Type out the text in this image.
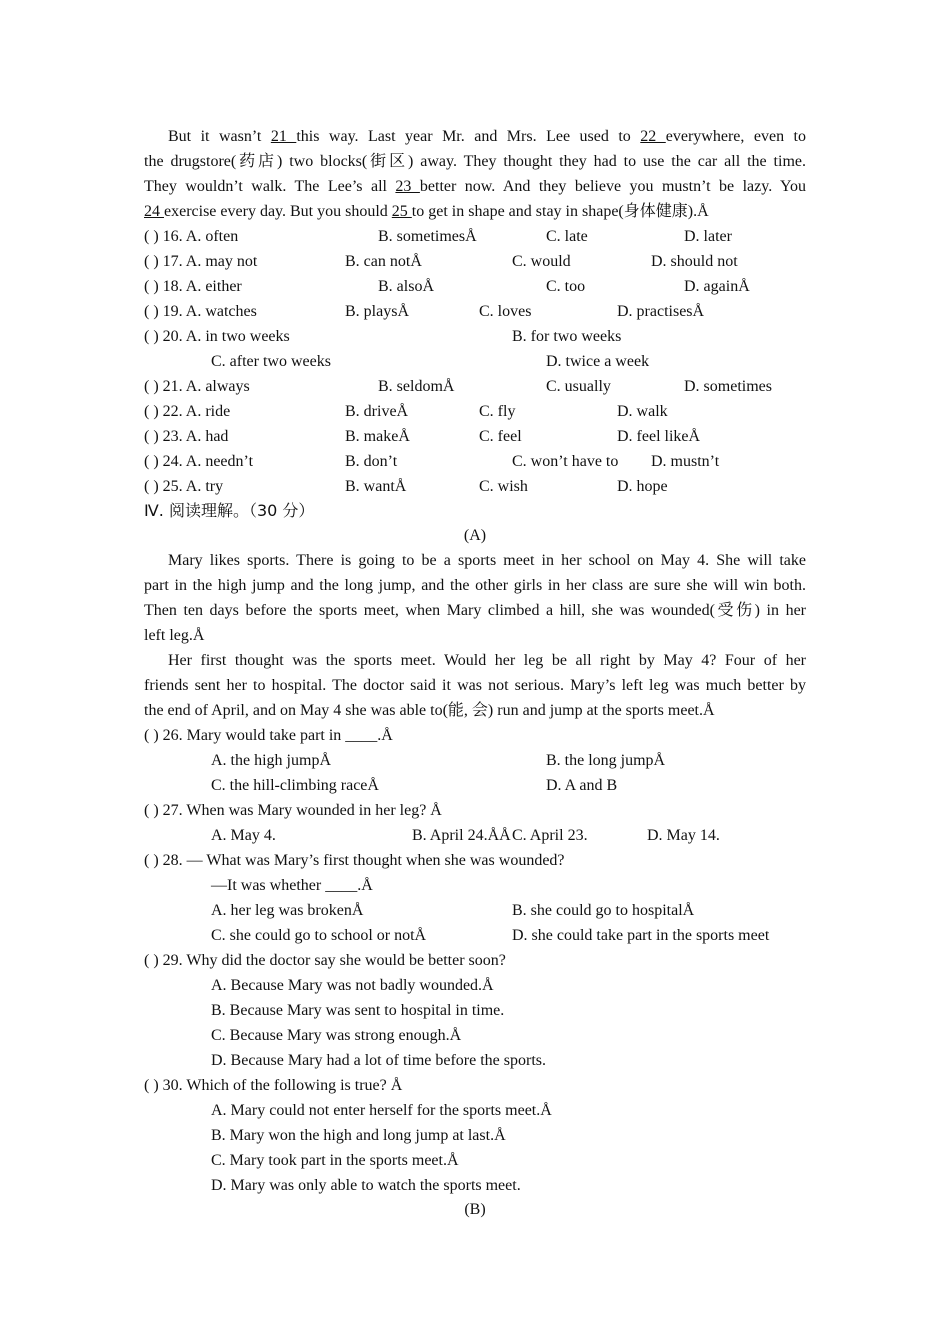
  But it wasn’t 21 this way. Last year Mr. and Mrs. Lee used to 22 everywhere, even to
the drugstore(药店) two blocks(街区) away. They thought they had to use the car all the time.
They wouldn’t walk. The Lee’s all 23 better now. And they believe you mustn’t be lazy. You
24 exercise every day. But you should 25 to get in shape and stay in shape(身体健康).Å
( ) 16. A. often	B. sometimesÅ	C. late	D. later
( ) 17. A. may not	B. can notÅ	C. would	D. should not
( ) 18. A. either	B. alsoÅ	C. too	D. againÅ
( ) 19. A. watches	B. playsÅ	C. loves	D. practisesÅ
( ) 20. A. in two weeks	B. for two weeks
C. after two weeks	D. twice a week
( ) 21. A. always	B. seldomÅ	C. usually	D. sometimes
( ) 22. A. ride	B. driveÅ	C. fly	D. walk
( ) 23. A. had	B. makeÅ	C. feel	D. feel likeÅ
( ) 24. A. needn’t	B. don’t	C. won’t have to D. mustn’t
( ) 25. A. try	B. wantÅ	C. wish	D. hope
Ⅳ. 阅读理解。（30 分）
(A)
  Mary likes sports. There is going to be a sports meet in her school on May 4. She will take
part in the high jump and the long jump, and the other girls in her class are sure she will win both.
Then ten days before the sports meet, when Mary climbed a hill, she was wounded(受伤) in her
left leg.Å
  Her first thought was the sports meet. Would her leg be all right by May 4? Four of her
friends sent her to hospital. The doctor said it was not serious. Mary’s left leg was much better by
the end of April, and on May 4 she was able to(能, 会) run and jump at the sports meet.Å
( ) 26. Mary would take part in ____.Å
A. the high jumpÅ	B. the long jumpÅ
C. the hill-climbing raceÅ	D. A and B
( ) 27. When was Mary wounded in her leg? Å
A. May 4.	B. April 24.ÅÅ C. April 23.	D. May 14.
( ) 28. — What was Mary’s first thought when she was wounded?
—It was whether ____.Å
A. her leg was brokenÅ	B. she could go to hospitalÅ
C. she could go to school or notÅ	D. she could take part in the sports meet
( ) 29. Why did the doctor say she would be better soon?
A. Because Mary was not badly wounded.Å
B. Because Mary was sent to hospital in time.
C. Because Mary was strong enough.Å
D. Because Mary had a lot of time before the sports.
( ) 30. Which of the following is true? Å
A. Mary could not enter herself for the sports meet.Å
B. Mary won the high and long jump at last.Å
C. Mary took part in the sports meet.Å
D. Mary was only able to watch the sports meet.
(B)
